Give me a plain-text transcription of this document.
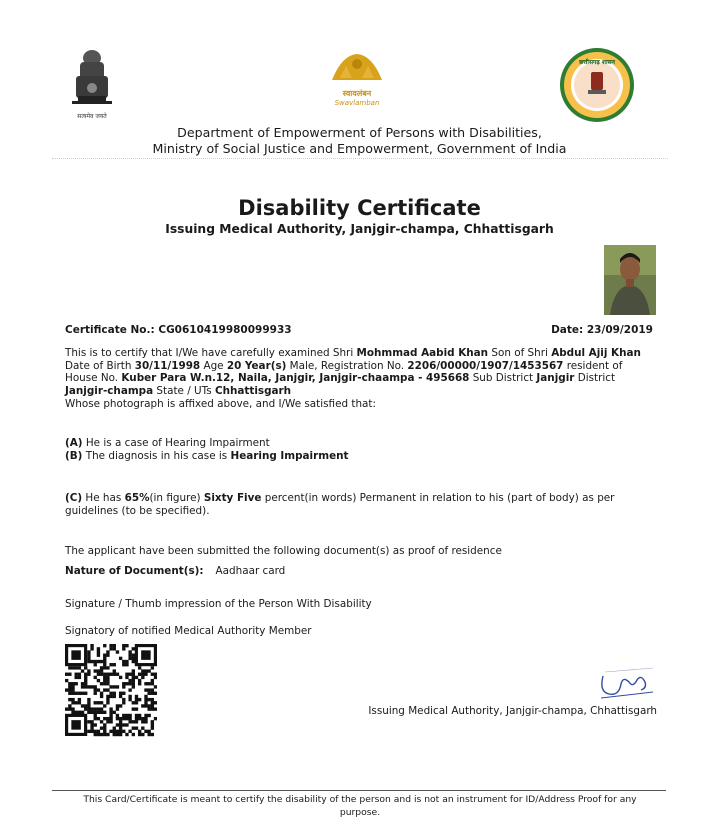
सत्यमेव जयते
स्वावलंबन
Swavlamban
छत्तीसगढ़ शासन
Department of Empowerment of Persons with Disabilities,
Ministry of Social Justice and Empowerment, Government of India
Disability Certificate
Issuing Medical Authority, Janjgir-champa, Chhattisgarh
Certificate No.: CG0610419980099933	Date: 23/09/2019
This is to certify that I/We have carefully examined Shri Mohmmad Aabid Khan Son of Shri Abdul Ajij Khan Date of Birth 30/11/1998 Age 20 Year(s) Male, Registration No. 2206/00000/1907/1453567 resident of House No. Kuber Para W.n.12, Naila, Janjgir, Janjgir-chaampa - 495668 Sub District Janjgir District Janjgir-champa State / UTs Chhattisgarh
Whose photograph is affixed above, and I/We satisfied that:
(A) He is a case of Hearing Impairment
(B) The diagnosis in his case is Hearing Impairment
(C) He has 65%(in figure) Sixty Five percent(in words) Permanent in relation to his (part of body) as per guidelines (to be specified).
The applicant have been submitted the following document(s) as proof of residence
Nature of Document(s): Aadhaar card
Signature / Thumb impression of the Person With Disability
Signatory of notified Medical Authority Member
Issuing Medical Authority, Janjgir-champa, Chhattisgarh
This Card/Certificate is meant to certify the disability of the person and is not an instrument for ID/Address Proof for any purpose.
